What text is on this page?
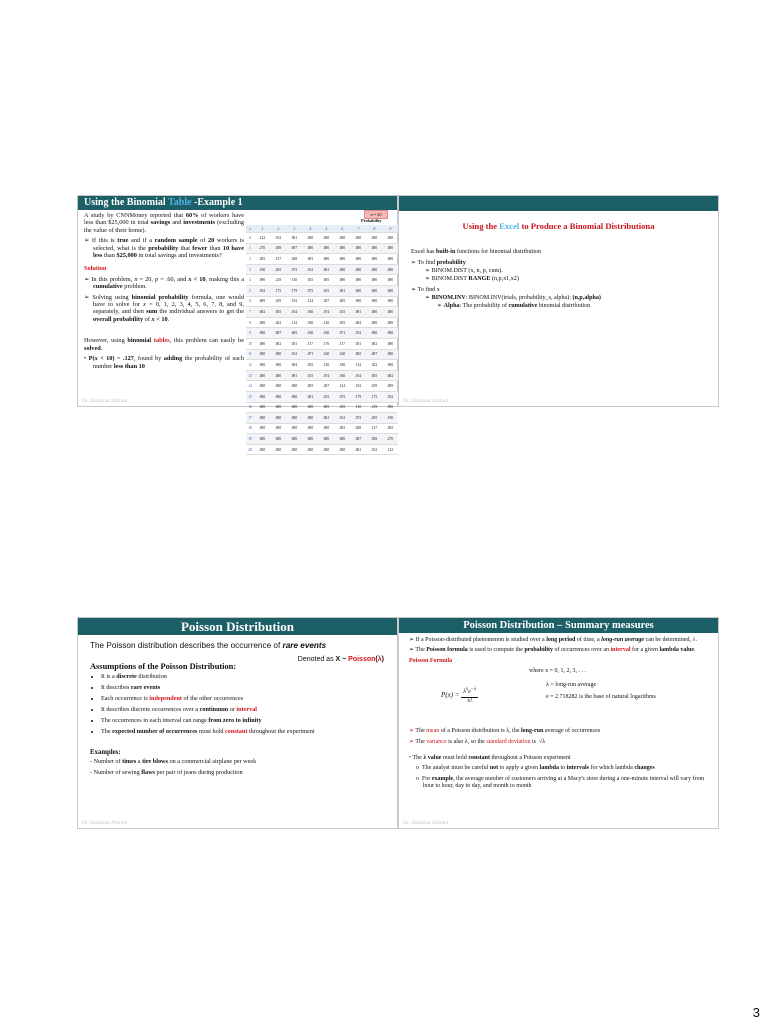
Using the Binomial Table -Example 1

A study by CNNMoney reported that 60% of workers have less than $25,000 in total savings and investments (excluding the value of their home).

➢ If this is true and if a random sample of 20 workers is selected, what is the probability that fewer than 10 have less than $25,000 in total savings and investments?

Solution

➢ In this problem, n = 20, p = .60, and x < 10, making this a cumulative problem.

➢ Solving using binomial probability formula, one would have to solve for x = 0, 1, 2, 3, 4, 5, 6, 7, 8, and 9, separately, and then sum the individual answers to get the overall probability of x < 10.

However, using binomial tables, this problem can easily be solved.

• P(x < 10) = .127, found by adding the probability of each number less than 10

n = 20
Probability
x	.1	.2	.3	.4	.5	.6	.7	.8	.9
0	.122	.012	.001	.000	.000	.000	.000	.000	.000
1	.270	.058	.007	.000	.000	.000	.000	.000	.000
2	.285	.137	.028	.003	.000	.000	.000	.000	.000
3	.190	.205	.072	.012	.001	.000	.000	.000	.000
4	.090	.218	.130	.035	.005	.000	.000	.000	.000
5	.032	.175	.179	.075	.015	.001	.000	.000	.000
6	.009	.109	.192	.124	.037	.005	.000	.000	.000
7	.002	.055	.164	.166	.074	.015	.001	.000	.000
8	.000	.022	.114	.180	.120	.035	.004	.000	.000
9	.000	.007	.065	.160	.160	.071	.012	.000	.000
10	.000	.002	.031	.117	.176	.117	.031	.002	.000
11	.000	.000	.012	.071	.160	.160	.065	.007	.000
12	.000	.000	.004	.035	.120	.180	.114	.022	.000
13	.000	.000	.001	.015	.074	.166	.164	.055	.002
14	.000	.000	.000	.005	.037	.124	.192	.109	.009
15	.000	.000	.000	.001	.015	.075	.179	.175	.032
16	.000	.000	.000	.000	.005	.035	.130	.218	.090
17	.000	.000	.000	.000	.001	.012	.072	.205	.190
18	.000	.000	.000	.000	.000	.003	.028	.137	.285
19	.000	.000	.000	.000	.000	.000	.007	.058	.270
20	.000	.000	.000	.000	.000	.000	.001	.012	.122
Dr. Hashmat Ahmed
Using the Excel to Produce a Binomial Distributiona
Excel has built-in functions for binomial distribution
➢ To find probability
➢ BINOM.DIST (x, n, p, cum).
➢ BINOM.DIST RANGE (n,p,x1,x2)
➢ To find x
➢ BINOM.INV: BINOM.INV(trials, probability_s, alpha): (n,p,alpha)
➢ Alpha: The probability of cumulative binomial distribution
Dr. Hashmat Ahmed
Poisson Distribution
The Poisson distribution describes the occurrence of rare events
Denoted as X ~ Poisson(λ)
Assumptions of the Poisson Distribution:
• It is a discrete distribution
• It describes rare events
• Each occurrence is independent of the other occurrences
• It describes discrete occurrences over a continuum or interval
• The occurrences in each interval can range from zero to infinity
• The expected number of occurrences must hold constant throughout the experiment
Examples:
- Number of times a tire blows on a commercial airplane per week
- Number of sewing flaws per pair of jeans during production
Dr. Hashmat Ahmed
Poisson Distribution – Summary measures

➢ If a Poisson-distributed phenomenon is studied over a long period of time, a long-run average can be determined, λ.

➢ The Poisson formula is used to compute the probability of occurrences over an interval for a given lambda value.

Poisson Formula

where x = 0, 1, 2, 3, . . .
$P(x) = \frac{\lambda^xe^{-\lambda}}{x!}$
λ = long-run average
e = 2.718282 is the base of natural logarithms

➢ The mean of a Poisson distribution is λ, the long-run average of occurrences

➢ The variance is also λ, so the standard deviation is  √λ

• The λ value must hold constant throughout a Poisson experiment

o  The analyst must be careful not to apply a given lambda to intervals for which lambda changes

o  For example, the average number of customers arriving at a Macy's store during a one-minute interval will vary from hour to hour, day to day, and month to month

Dr. Hashmat Ahmed
3
